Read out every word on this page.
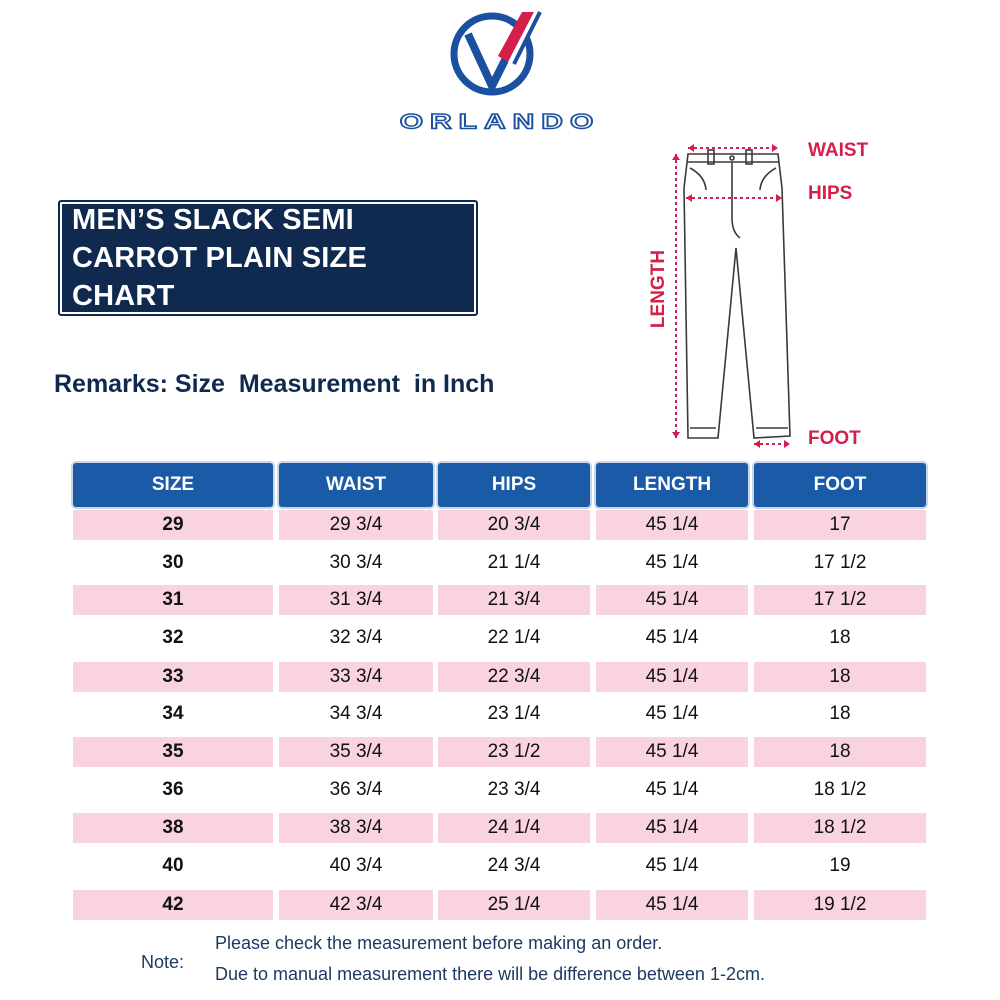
ORLANDO
MEN’S SLACK SEMI
CARROT PLAIN SIZE CHART
Remarks: Size  Measurement  in Inch
WAIST
HIPS
LENGTH
FOOT
SIZE	WAIST	HIPS	LENGTH	FOOT
29	29 3/4	20 3/4	45 1/4	17
30	30 3/4	21 1/4	45 1/4	17 1/2
31	31 3/4	21 3/4	45 1/4	17 1/2
32	32 3/4	22 1/4	45 1/4	18
33	33 3/4	22 3/4	45 1/4	18
34	34 3/4	23 1/4	45 1/4	18
35	35 3/4	23 1/2	45 1/4	18
36	36 3/4	23 3/4	45 1/4	18 1/2
38	38 3/4	24 1/4	45 1/4	18 1/2
40	40 3/4	24 3/4	45 1/4	19
42	42 3/4	25 1/4	45 1/4	19 1/2
Note:
Please check the measurement before making an order.
Due to manual measurement there will be difference between 1-2cm.
